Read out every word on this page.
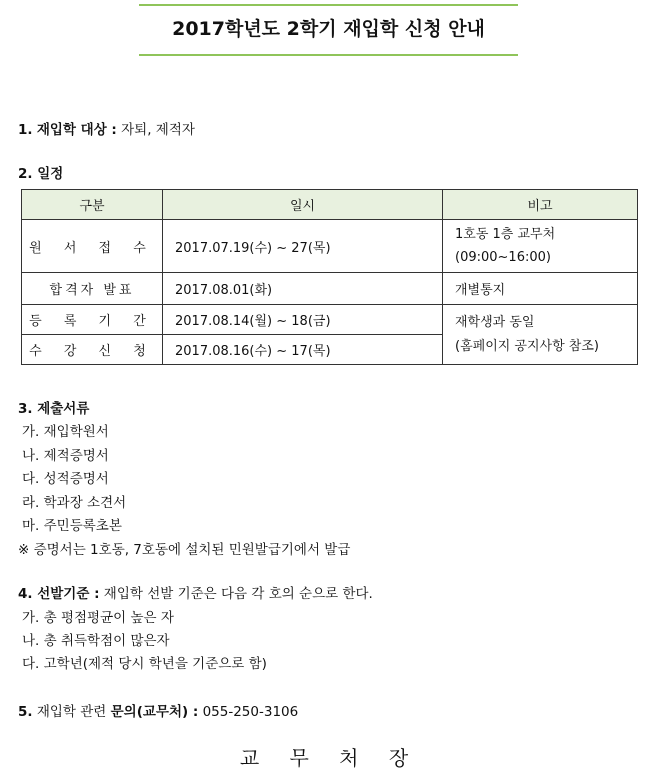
2017학년도 2학기 재입학 신청 안내
1. 재입학 대상 : 자퇴, 제적자
2. 일정
구분	일시	비고
원 서 접 수	2017.07.19(수) ~ 27(목)	1호동 1층 교무처
(09:00~16:00)

합격자 발표	2017.08.01(화)	개별통지
등 록 기 간	2017.08.14(월) ~ 18(금)	재학생과 동일
(홈페이지 공지사항 참조)

수 강 신 청	2017.08.16(수) ~ 17(목)	
3. 제출서류
가. 재입학원서
나. 제적증명서
다. 성적증명서
라. 학과장 소견서
마. 주민등록초본
※ 증명서는 1호동, 7호동에 설치된 민원발급기에서 발급
4. 선발기준 : 재입학 선발 기준은 다음 각 호의 순으로 한다.
가. 총 평점평균이 높은 자
나. 총 취득학점이 많은자
다. 고학년(제적 당시 학년을 기준으로 함)
5. 재입학 관련 문의(교무처) : 055-250-3106
교 무 처 장
